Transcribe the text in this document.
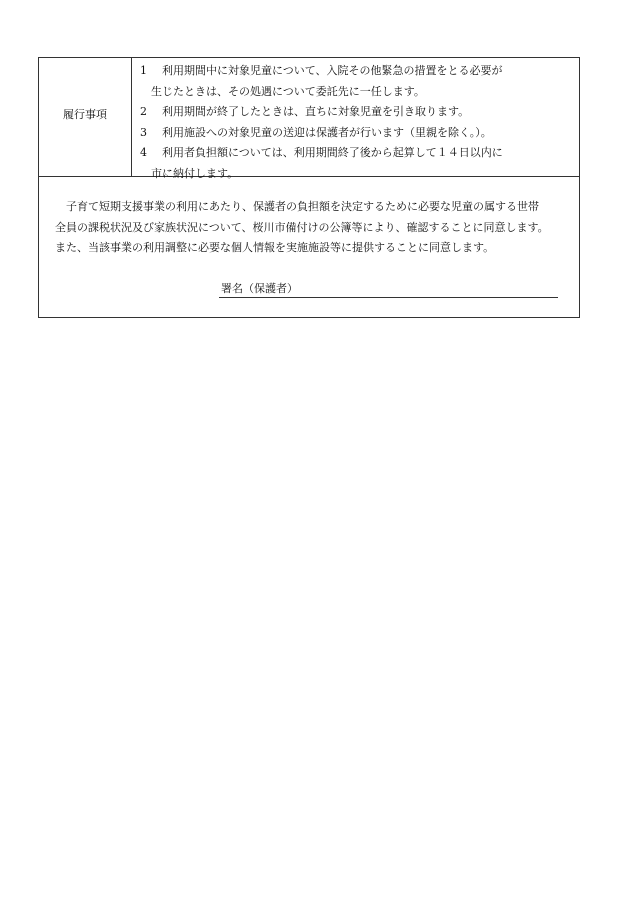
履行事項
1 利用期間中に対象児童について、入院その他緊急の措置をとる必要が
生じたときは、その処遇について委託先に一任します。
2 利用期間が終了したときは、直ちに対象児童を引き取ります。
3 利用施設への対象児童の送迎は保護者が行います（里親を除く。）。
4 利用者負担額については、利用期間終了後から起算して１４日以内に
市に納付します。
　子育て短期支援事業の利用にあたり、保護者の負担額を決定するために必要な児童の属する世帯
全員の課税状況及び家族状況について、桜川市備付けの公簿等により、確認することに同意します。
また、当該事業の利用調整に必要な個人情報を実施施設等に提供することに同意します。
署名（保護者）
